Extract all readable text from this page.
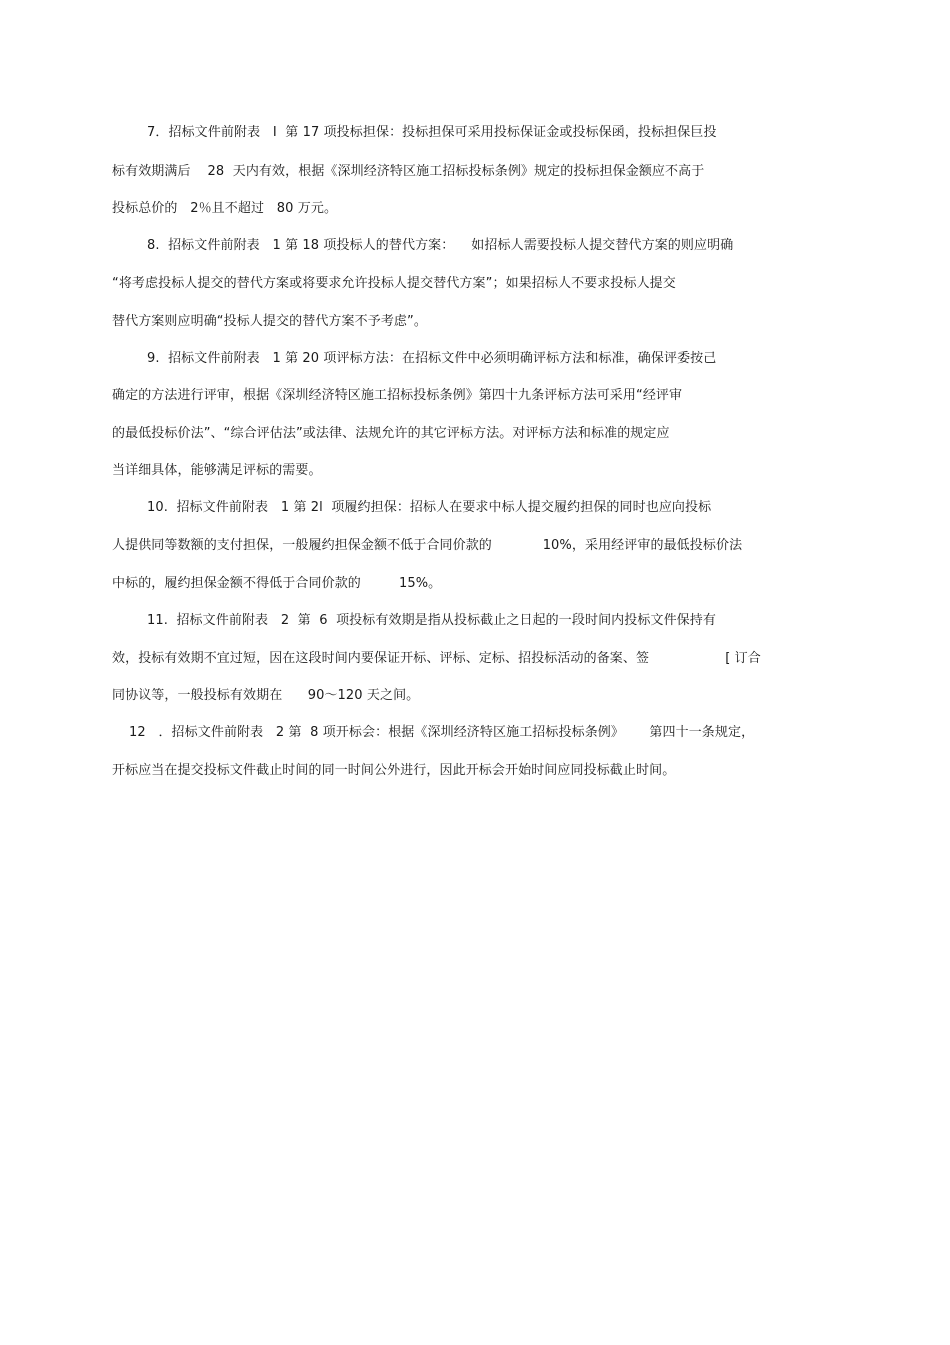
7．招标文件前附表   I  第 17 项投标担保：投标担保可采用投标保证金或投标保函，投标担保巨投
标有效期满后    28  天内有效，根据《深圳经济特区施工招标投标条例》规定的投标担保金额应不高于
投标总价的   2％且不超过   80 万元。
8.  招标文件前附表   1 第 18 项投标人的替代方案：    如招标人需要投标人提交替代方案的则应明确
“将考虑投标人提交的替代方案或将要求允许投标人提交替代方案”；如果招标人不要求投标人提交
替代方案则应明确“投标人提交的替代方案不予考虑”。
9.  招标文件前附表   1 第 20 项评标方法：在招标文件中必须明确评标方法和标准，确保评委按己
确定的方法进行评审，根据《深圳经济特区施工招标投标条例》第四十九条评标方法可采用“经评审
的最低投标价法”、“综合评估法”或法律、法规允许的其它评标方法。对评标方法和标准的规定应
当详细具体，能够满足评标的需要。
10.  招标文件前附表   1 第 2l  项履约担保：招标人在要求中标人提交履约担保的同时也应向投标
人提供同等数额的支付担保，一般履约担保金额不低于合同价款的            10%，采用经评审的最低投标价法
中标的，履约担保金额不得低于合同价款的         15%。
11.  招标文件前附表   2  第  6  项投标有效期是指从投标截止之日起的一段时间内投标文件保持有
效，投标有效期不宜过短，因在这段时间内要保证开标、评标、定标、招投标活动的备案、签                  [ 订合
同协议等，一般投标有效期在      90～120 天之间。
12   ．招标文件前附表   2 第  8 项开标会：根据《深圳经济特区施工招标投标条例》      第四十一条规定，
开标应当在提交投标文件截止时间的同一时间公外进行，因此开标会开始时间应同投标截止时间。
